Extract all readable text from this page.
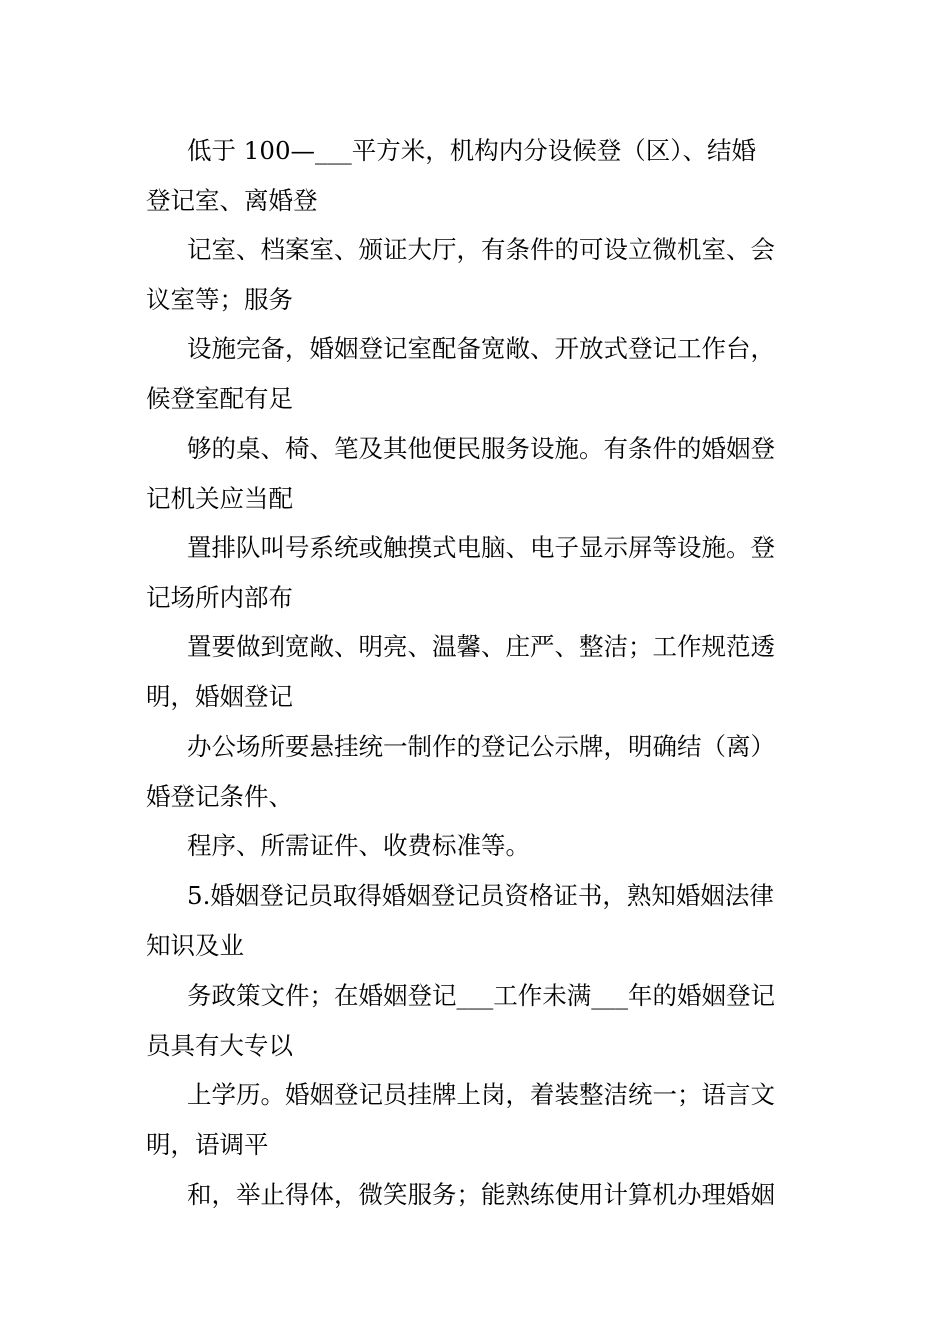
低于 100—___平方米，机构内分设候登（区）、结婚
登记室、离婚登

记室、档案室、颁证大厅，有条件的可设立微机室、会
议室等；服务

设施完备，婚姻登记室配备宽敞、开放式登记工作台，
候登室配有足

够的桌、椅、笔及其他便民服务设施。有条件的婚姻登
记机关应当配

置排队叫号系统或触摸式电脑、电子显示屏等设施。登
记场所内部布

置要做到宽敞、明亮、温馨、庄严、整洁；工作规范透
明，婚姻登记

办公场所要悬挂统一制作的登记公示牌，明确结（离）
婚登记条件、

程序、所需证件、收费标准等。

5.婚姻登记员取得婚姻登记员资格证书，熟知婚姻法律
知识及业

务政策文件；在婚姻登记___工作未满___年的婚姻登记
员具有大专以

上学历。婚姻登记员挂牌上岗，着装整洁统一；语言文
明，语调平

和，举止得体，微笑服务；能熟练使用计算机办理婚姻
